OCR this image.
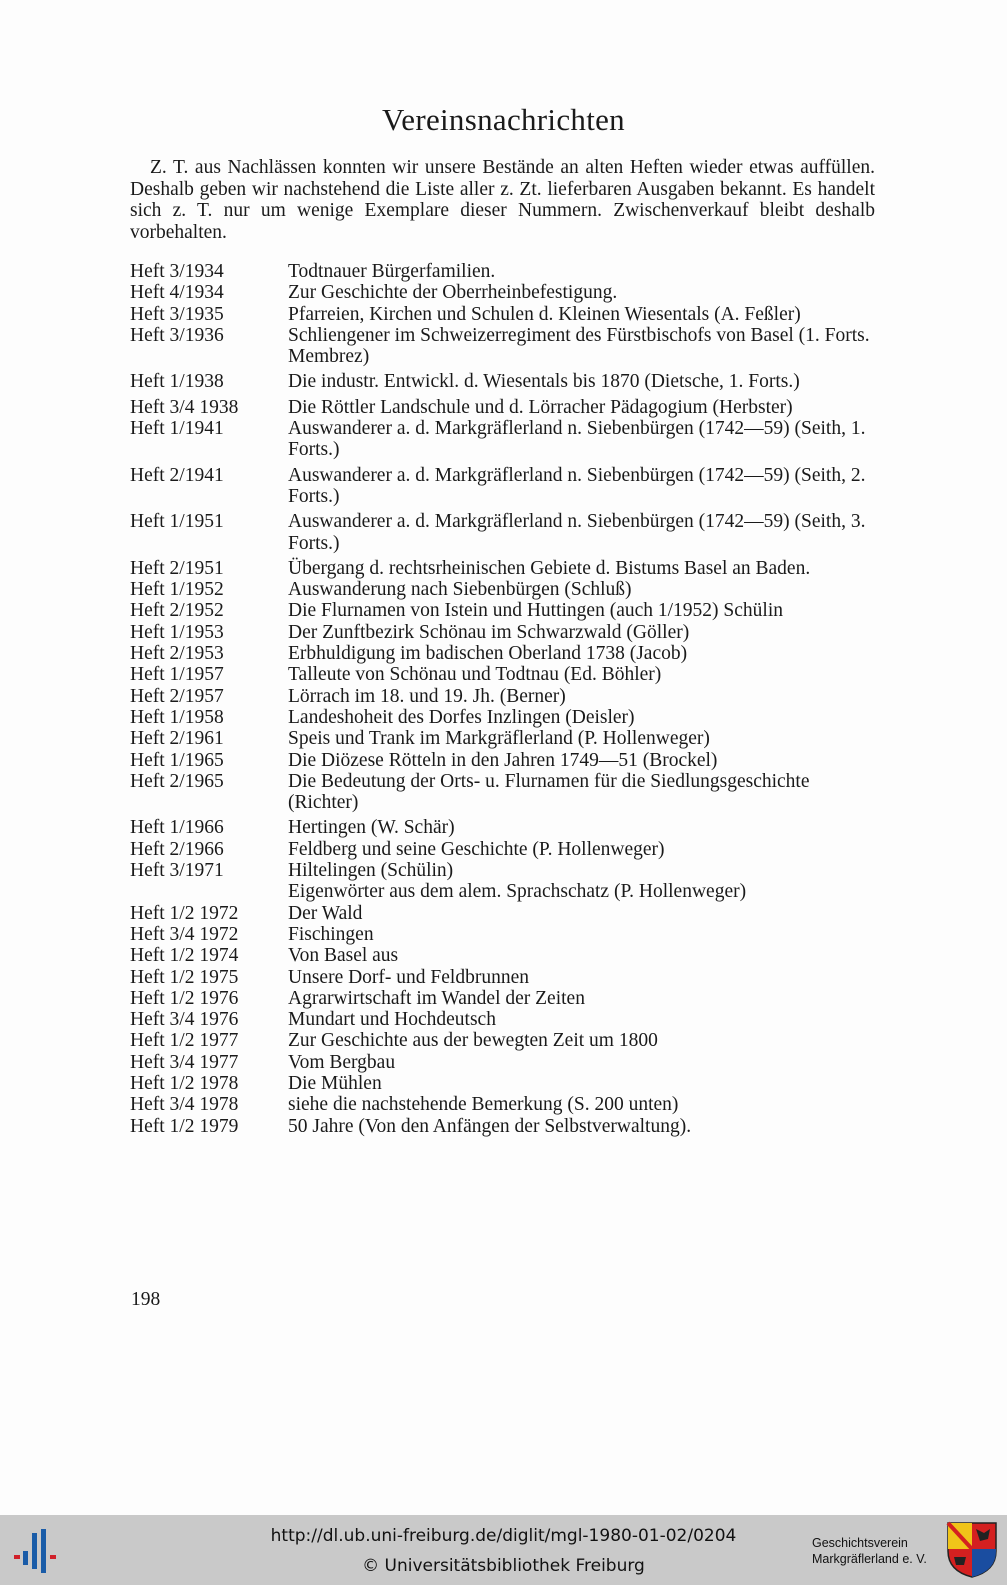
Vereinsnachrichten
Z. T. aus Nachlässen konnten wir unsere Bestände an alten Heften wieder etwas auffüllen. Deshalb geben wir nachstehend die Liste aller z. Zt. lieferbaren Ausgaben bekannt. Es handelt sich z. T. nur um wenige Exemplare dieser Nummern. Zwischenverkauf bleibt deshalb vorbehalten.
Heft 3/1934	Todtnauer Bürgerfamilien.
Heft 4/1934	Zur Geschichte der Oberrheinbefestigung.
Heft 3/1935	Pfarreien, Kirchen und Schulen d. Kleinen Wiesentals (A. Feßler)
Heft 3/1936	Schliengener im Schweizerregiment des Fürstbischofs von Basel (1. Forts. Membrez)
Heft 1/1938	Die industr. Entwickl. d. Wiesentals bis 1870 (Dietsche, 1. Forts.)
Heft 3/4 1938	Die Röttler Landschule und d. Lörracher Pädagogium (Herbster)
Heft 1/1941	Auswanderer a. d. Markgräflerland n. Siebenbürgen (1742—59) (Seith, 1. Forts.)
Heft 2/1941	Auswanderer a. d. Markgräflerland n. Siebenbürgen (1742—59) (Seith, 2. Forts.)
Heft 1/1951	Auswanderer a. d. Markgräflerland n. Siebenbürgen (1742—59) (Seith, 3. Forts.)
Heft 2/1951	Übergang d. rechtsrheinischen Gebiete d. Bistums Basel an Baden.
Heft 1/1952	Auswanderung nach Siebenbürgen (Schluß)
Heft 2/1952	Die Flurnamen von Istein und Huttingen (auch 1/1952) Schülin
Heft 1/1953	Der Zunftbezirk Schönau im Schwarzwald (Göller)
Heft 2/1953	Erbhuldigung im badischen Oberland 1738 (Jacob)
Heft 1/1957	Talleute von Schönau und Todtnau (Ed. Böhler)
Heft 2/1957	Lörrach im 18. und 19. Jh. (Berner)
Heft 1/1958	Landeshoheit des Dorfes Inzlingen (Deisler)
Heft 2/1961	Speis und Trank im Markgräflerland (P. Hollenweger)
Heft 1/1965	Die Diözese Rötteln in den Jahren 1749—51 (Brockel)
Heft 2/1965	Die Bedeutung der Orts- u. Flurnamen für die Siedlungsgeschichte (Richter)
Heft 1/1966	Hertingen (W. Schär)
Heft 2/1966	Feldberg und seine Geschichte (P. Hollenweger)
Heft 3/1971	Hiltelingen (Schülin)
Eigenwörter aus dem alem. Sprachschatz (P. Hollenweger)
Heft 1/2 1972	Der Wald
Heft 3/4 1972	Fischingen
Heft 1/2 1974	Von Basel aus
Heft 1/2 1975	Unsere Dorf- und Feldbrunnen
Heft 1/2 1976	Agrarwirtschaft im Wandel der Zeiten
Heft 3/4 1976	Mundart und Hochdeutsch
Heft 1/2 1977	Zur Geschichte aus der bewegten Zeit um 1800
Heft 3/4 1977	Vom Bergbau
Heft 1/2 1978	Die Mühlen
Heft 3/4 1978	siehe die nachstehende Bemerkung (S. 200 unten)
Heft 1/2 1979	50 Jahre (Von den Anfängen der Selbstverwaltung).
198
http://dl.ub.uni-freiburg.de/diglit/mgl-1980-01-02/0204
© Universitätsbibliothek Freiburg
Geschichtsverein
Markgräflerland e. V.
